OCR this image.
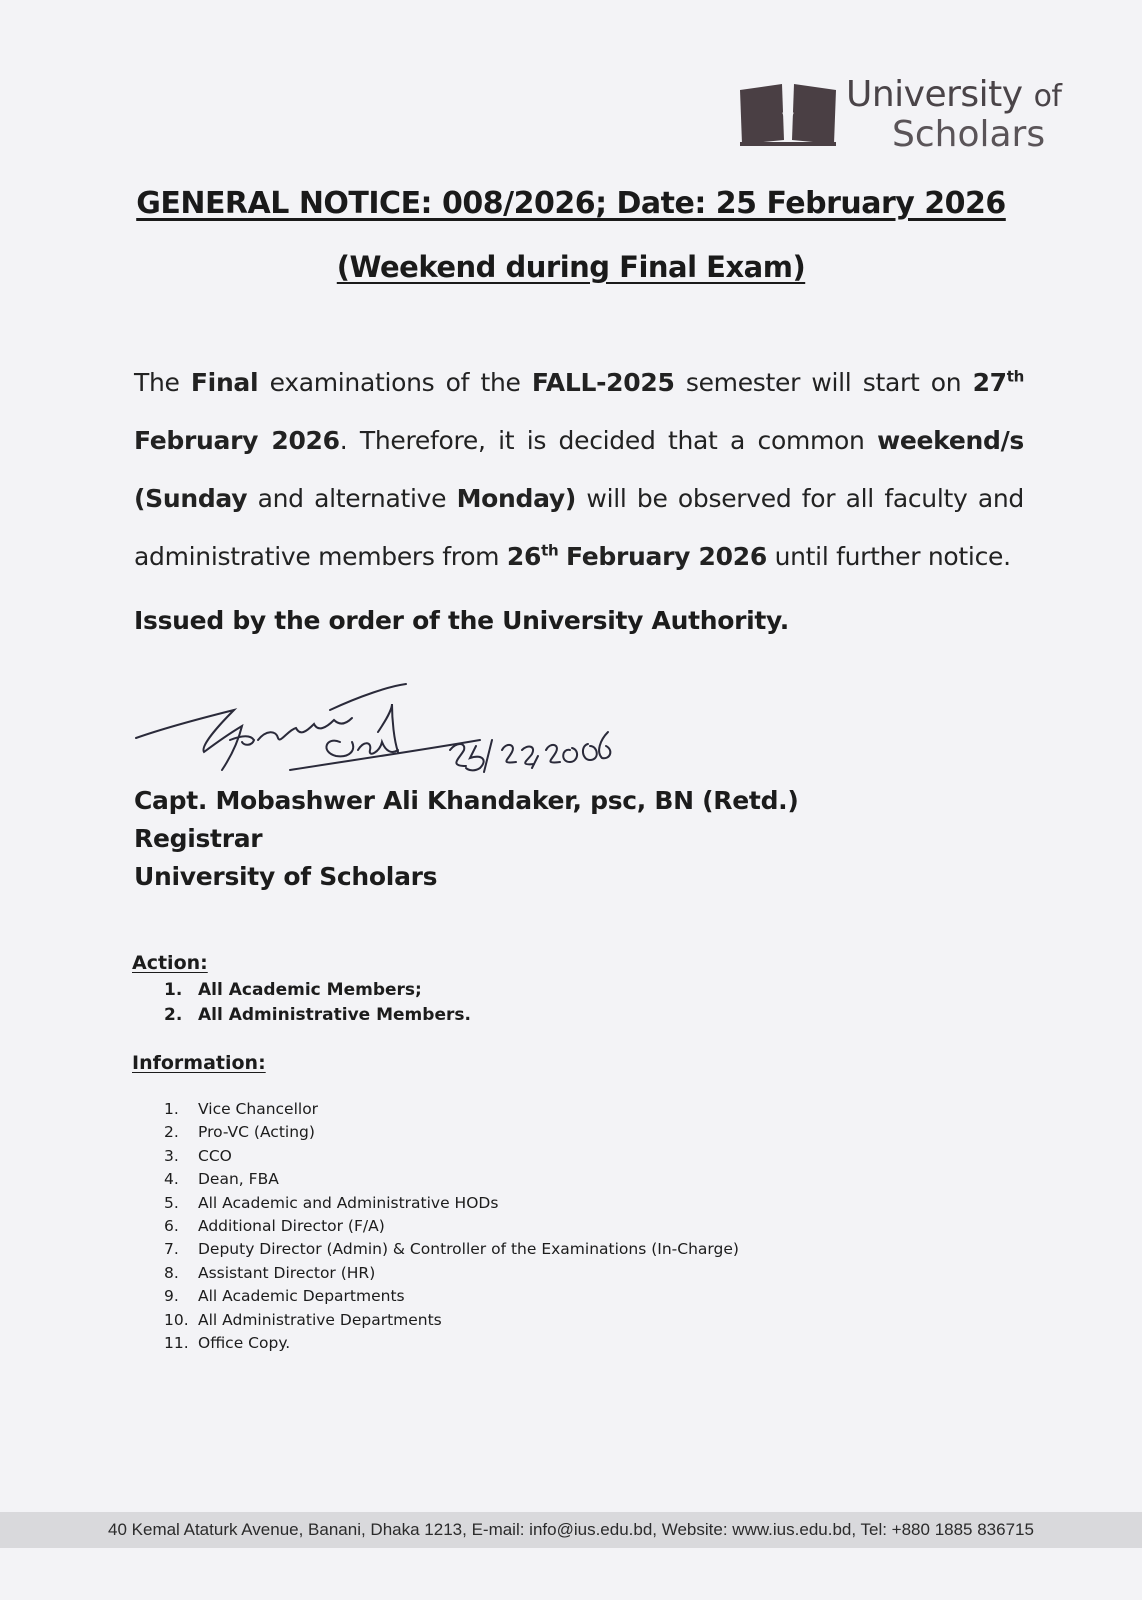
University of
Scholars
GENERAL NOTICE: 008/2026; Date: 25 February 2026
(Weekend during Final Exam)
The Final examinations of the FALL-2025 semester will start on 27th February 2026. Therefore, it is decided that a common weekend/s (Sunday and alternative Monday) will be observed for all faculty and administrative members from 26th February 2026 until further notice.
Issued by the order of the University Authority.
Capt. Mobashwer Ali Khandaker, psc, BN (Retd.)
Registrar
University of Scholars
Action:
1. All Academic Members;
2. All Administrative Members.
Information:
1. Vice Chancellor
2. Pro-VC (Acting)
3. CCO
4. Dean, FBA
5. All Academic and Administrative HODs
6. Additional Director (F/A)
7. Deputy Director (Admin) & Controller of the Examinations (In-Charge)
8. Assistant Director (HR)
9. All Academic Departments
10. All Administrative Departments
11. Office Copy.
40 Kemal Ataturk Avenue, Banani, Dhaka 1213, E-mail: info@ius.edu.bd, Website: www.ius.edu.bd, Tel: +880 1885 836715
